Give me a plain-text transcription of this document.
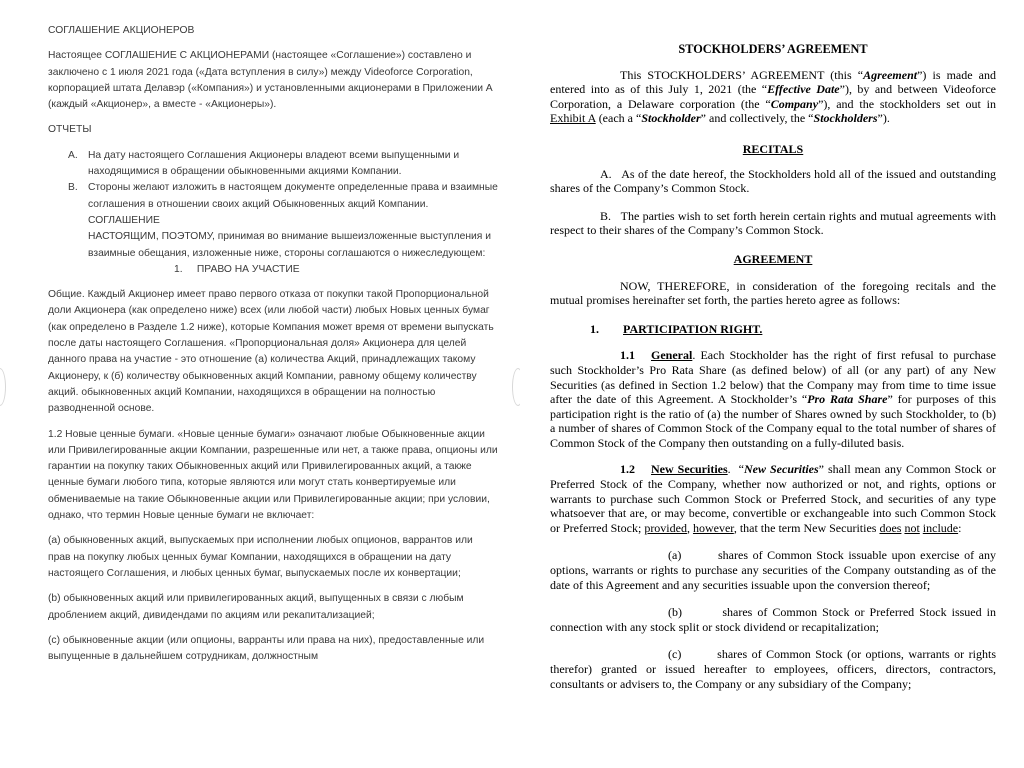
СОГЛАШЕНИЕ АКЦИОНЕРОВ

Настоящее СОГЛАШЕНИЕ С АКЦИОНЕРАМИ (настоящее «Соглашение») составлено и заключено с 1 июля 2021 года («Дата вступления в силу») между Videoforce Corporation, корпорацией штата Делавэр («Компания») и установленными акционерами в Приложении А (каждый «Акционер», а вместе - «Акционеры»).

ОТЧЕТЫ

A. На дату настоящего Соглашения Акционеры владеют всеми выпущенными и находящимися в обращении обыкновенными акциями Компании.
B. Стороны желают изложить в настоящем документе определенные права и взаимные соглашения в отношении своих акций Обыкновенных акций Компании.
СОГЛАШЕНИЕ
НАСТОЯЩИМ, ПОЭТОМУ, принимая во внимание вышеизложенные выступления и взаимные обещания, изложенные ниже, стороны соглашаются о нижеследующем:
1.     ПРАВО НА УЧАСТИЕ

Общие. Каждый Акционер имеет право первого отказа от покупки такой Пропорциональной доли Акционера (как определено ниже) всех (или любой части) любых Новых ценных бумаг (как определено в Разделе 1.2 ниже), которые Компания может время от времени выпускать после даты настоящего Соглашения. «Пропорциональная доля» Акционера для целей данного права на участие - это отношение (а) количества Акций, принадлежащих такому Акционеру, к (б) количеству обыкновенных акций Компании, равному общему количеству акций. обыкновенных акций Компании, находящихся в обращении на полностью разводненной основе.

1.2 Новые ценные бумаги. «Новые ценные бумаги» означают любые Обыкновенные акции или Привилегированные акции Компании, разрешенные или нет, а также права, опционы или гарантии на покупку таких Обыкновенных акций или Привилегированных акций, а также ценные бумаги любого типа, которые являются или могут стать конвертируемые или обмениваемые на такие Обыкновенные акции или Привилегированные акции; при условии, однако, что термин Новые ценные бумаги не включает:

(a) обыкновенных акций, выпускаемых при исполнении любых опционов, варрантов или прав на покупку любых ценных бумаг Компании, находящихся в обращении на дату настоящего Соглашения, и любых ценных бумаг, выпускаемых после их конвертации;

(b) обыкновенных акций или привилегированных акций, выпущенных в связи с любым дроблением акций, дивидендами по акциям или рекапитализацией;

(c) обыкновенные акции (или опционы, варранты или права на них), предоставленные или выпущенные в дальнейшем сотрудникам, должностным

STOCKHOLDERS’ AGREEMENT

This STOCKHOLDERS’ AGREEMENT (this “Agreement”) is made and entered into as of this July 1, 2021 (the “Effective Date”), by and between Videoforce Corporation, a Delaware corporation (the “Company”), and the stockholders set out in Exhibit A (each a “Stockholder” and collectively, the “Stockholders”).

RECITALS

A.   As of the date hereof, the Stockholders hold all of the issued and outstanding shares of the Company’s Common Stock.

B.   The parties wish to set forth herein certain rights and mutual agreements with respect to their shares of the Company’s Common Stock.

AGREEMENT

NOW, THEREFORE, in consideration of the foregoing recitals and the mutual promises hereinafter set forth, the parties hereto agree as follows:

1. PARTICIPATION RIGHT.

1.1 General. Each Stockholder has the right of first refusal to purchase such Stockholder’s Pro Rata Share (as defined below) of all (or any part) of any New Securities (as defined in Section 1.2 below) that the Company may from time to time issue after the date of this Agreement. A Stockholder’s “Pro Rata Share” for purposes of this participation right is the ratio of (a) the number of Shares owned by such Stockholder, to (b) a number of shares of Common Stock of the Company equal to the total number of shares of Common Stock of the Company then outstanding on a fully-diluted basis.

1.2 New Securities.  “New Securities” shall mean any Common Stock or Preferred Stock of the Company, whether now authorized or not, and rights, options or warrants to purchase such Common Stock or Preferred Stock, and securities of any type whatsoever that are, or may become, convertible or exchangeable into such Common Stock or Preferred Stock; provided, however, that the term New Securities does not include:

(a)        shares of Common Stock issuable upon exercise of any options, warrants or rights to purchase any securities of the Company outstanding as of the date of this Agreement and any securities issuable upon the conversion thereof;

(b)        shares of Common Stock or Preferred Stock issued in connection with any stock split or stock dividend or recapitalization;

(c)        shares of Common Stock (or options, warrants or rights therefor) granted or issued hereafter to employees, officers, directors, contractors, consultants or advisers to, the Company or any subsidiary of the Company;
